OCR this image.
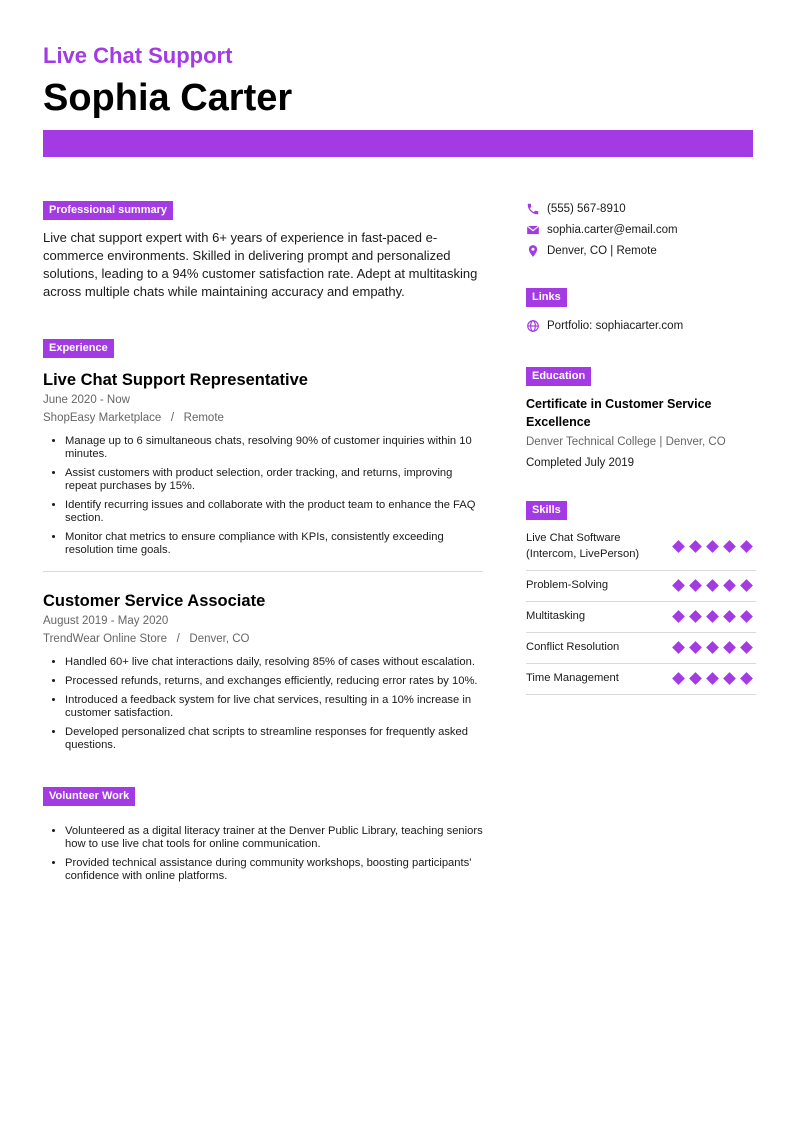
Live Chat Support
Sophia Carter
Professional summary
Live chat support expert with 6+ years of experience in fast-paced e-commerce environments. Skilled in delivering prompt and personalized solutions, leading to a 94% customer satisfaction rate. Adept at multitasking across multiple chats while maintaining accuracy and empathy.
Experience
Live Chat Support Representative
June 2020 - Now
ShopEasy Marketplace   /   Remote
• Manage up to 6 simultaneous chats, resolving 90% of customer inquiries within 10 minutes.
• Assist customers with product selection, order tracking, and returns, improving repeat purchases by 15%.
• Identify recurring issues and collaborate with the product team to enhance the FAQ section.
• Monitor chat metrics to ensure compliance with KPIs, consistently exceeding resolution time goals.
Customer Service Associate
August 2019 - May 2020
TrendWear Online Store   /   Denver, CO
• Handled 60+ live chat interactions daily, resolving 85% of cases without escalation.
• Processed refunds, returns, and exchanges efficiently, reducing error rates by 10%.
• Introduced a feedback system for live chat services, resulting in a 10% increase in customer satisfaction.
• Developed personalized chat scripts to streamline responses for frequently asked questions.
Volunteer Work
• Volunteered as a digital literacy trainer at the Denver Public Library, teaching seniors how to use live chat tools for online communication.
• Provided technical assistance during community workshops, boosting participants' confidence with online platforms.
(555) 567-8910
sophia.carter@email.com
Denver, CO | Remote
Links
Portfolio: sophiacarter.com
Education
Certificate in Customer Service Excellence
Denver Technical College | Denver, CO
Completed July 2019
Skills
Live Chat Software (Intercom, LivePerson)
Problem-Solving
Multitasking
Conflict Resolution
Time Management
